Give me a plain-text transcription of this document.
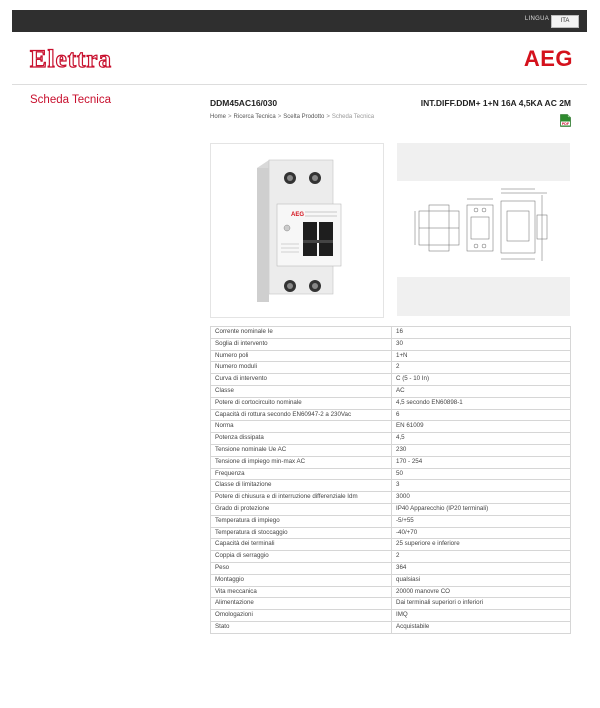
LINGUA	ITA
Elettra	AEG
Scheda Tecnica	DDM45AC16/030	INT.DIFF.DDM+ 1+N 16A 4,5KA AC 2M
Home > Ricerca Tecnica > Scelta Prodotto > Scheda Tecnica
PDF
AEG
Corrente nominale Ie	16
Soglia di intervento	30
Numero poli	1+N
Numero moduli	2
Curva di intervento	C (5 - 10 In)
Classe	AC
Potere di cortocircuito nominale	4,5 secondo EN60898-1
Capacità di rottura secondo EN60947-2 a 230Vac	6
Norma	EN 61009
Potenza dissipata	4,5
Tensione nominale Ue AC	230
Tensione di impiego min-max AC	170 - 254
Frequenza	50
Classe di limitazione	3
Potere di chiusura e di interruzione differenziale Idm	3000
Grado di protezione	IP40 Apparecchio (IP20 terminali)
Temperatura di impiego	-5/+55
Temperatura di stoccaggio	-40/+70
Capacità dei terminali	25 superiore e inferiore
Coppia di serraggio	2
Peso	364
Montaggio	qualsiasi
Vita meccanica	20000 manovre CO
Alimentazione	Dai terminali superiori o inferiori
Omologazioni	IMQ
Stato	Acquistabile
